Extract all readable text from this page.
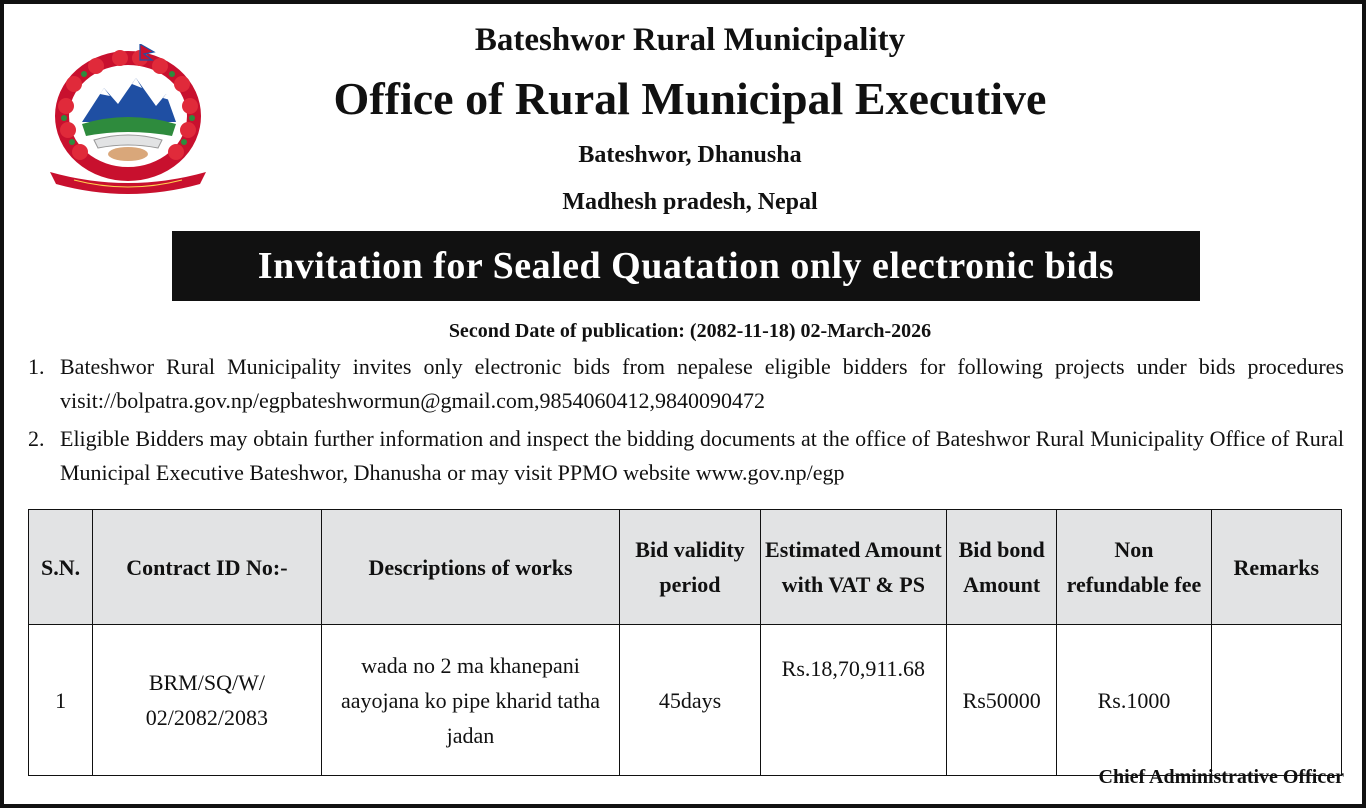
Bateshwor Rural Municipality
Office of Rural Municipal Executive
Bateshwor, Dhanusha
Madhesh pradesh, Nepal
Invitation for Sealed Quatation only electronic bids
Second Date of publication: (2082-11-18) 02-March-2026
1. Bateshwor Rural Municipality invites only electronic bids from nepalese eligible bidders for following projects under bids procedures visit://bolpatra.gov.np/egpbateshwormun@gmail.com,9854060412,9840090472
2. Eligible Bidders may obtain further information and inspect the bidding documents at the office of Bateshwor Rural Municipality Office of Rural Municipal Executive Bateshwor, Dhanusha or may visit PPMO website www.gov.np/egp
S.N.	Contract ID No:-	Descriptions of works	Bid validity period	Estimated Amount with VAT & PS	Bid bond Amount	Non refundable fee	Remarks
1	BRM/SQ/W/ 02/2082/2083	wada no 2 ma khanepani aayojana ko pipe kharid tatha jadan	45days	Rs.18,70,911.68	Rs50000	Rs.1000	
Chief Administrative Officer
